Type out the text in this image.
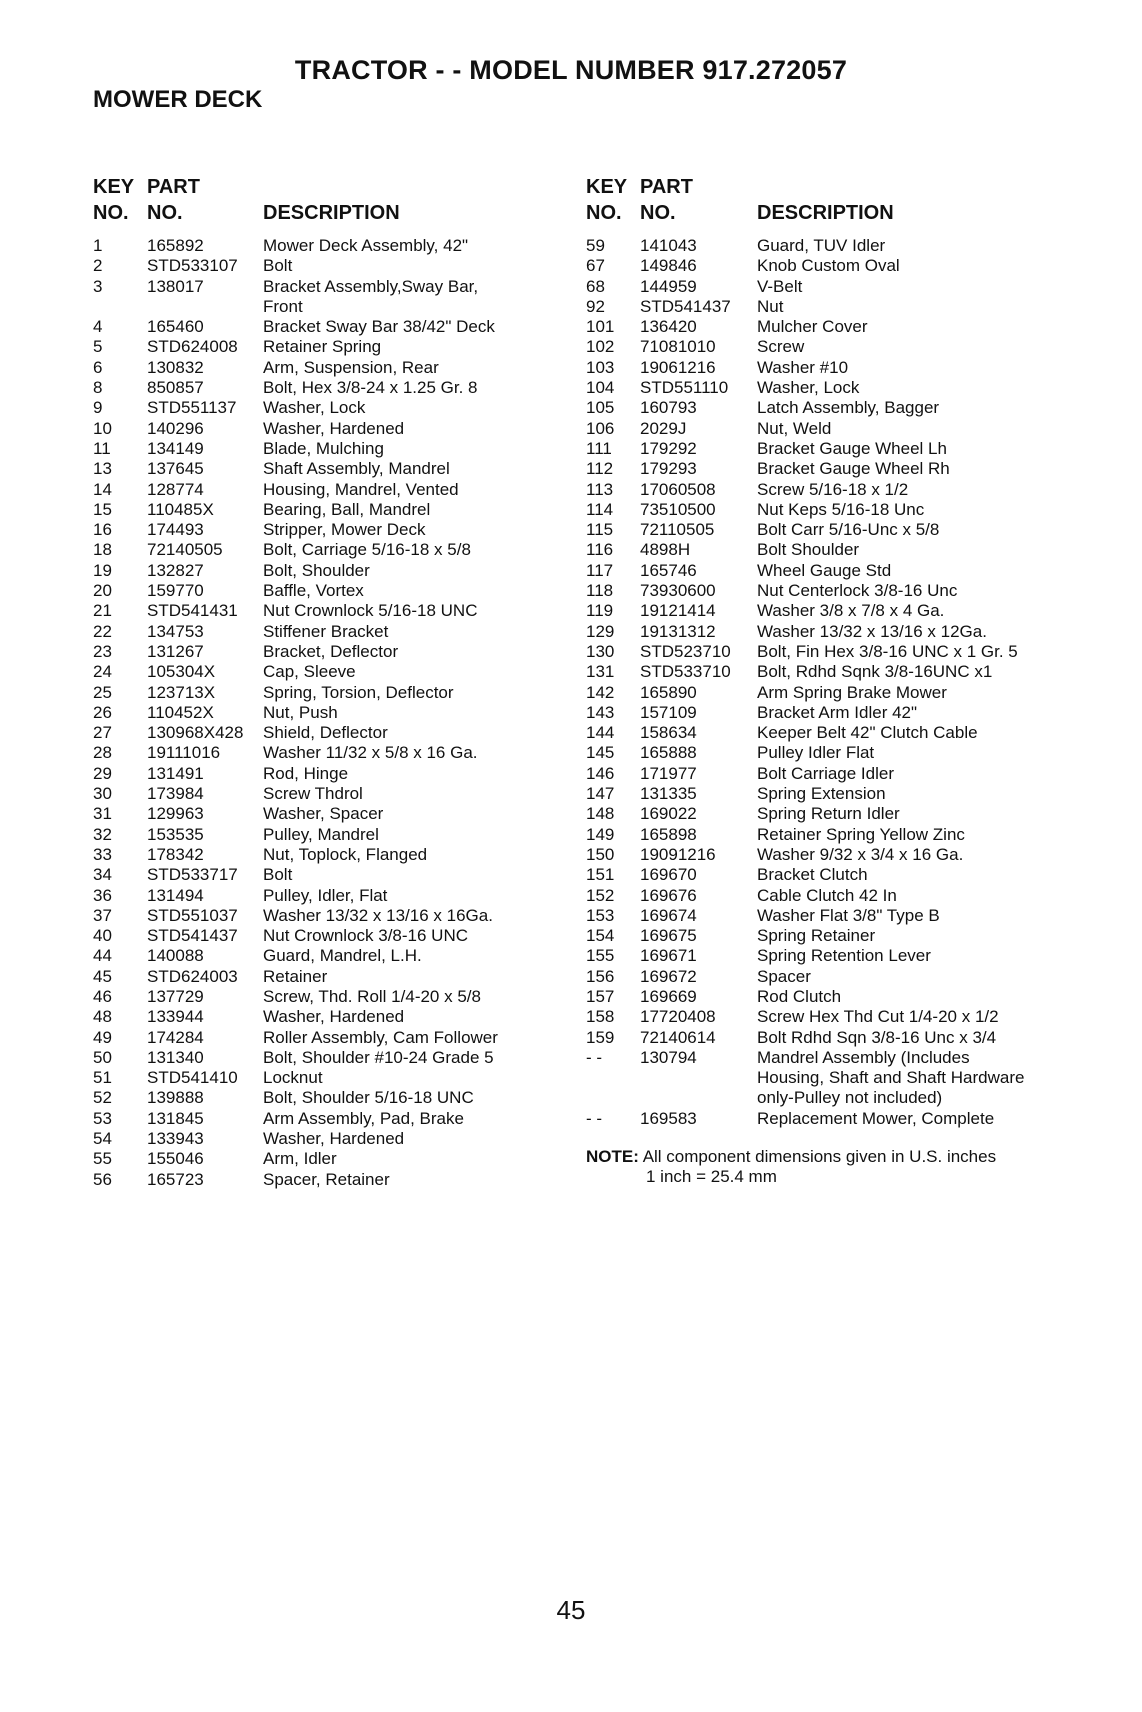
TRACTOR - - MODEL NUMBER 917.272057
MOWER DECK
KEY
NO.
PART
NO.	DESCRIPTION
1	165892	Mower Deck Assembly, 42"
2	STD533107 Bolt
3	138017	Bracket Assembly,Sway Bar,
Front
4	165460	Bracket Sway Bar 38/42" Deck
5	STD624008 Retainer Spring
6	130832	Arm, Suspension, Rear
8	850857	Bolt, Hex 3/8-24 x 1.25 Gr. 8
9	STD551137 Washer, Lock
10 140296	Washer, Hardened
11 134149	Blade, Mulching
13 137645	Shaft Assembly, Mandrel
14 128774	Housing, Mandrel, Vented
15 110485X	Bearing, Ball, Mandrel
16 174493	Stripper, Mower Deck
18 72140505 Bolt, Carriage 5/16-18 x 5/8
19 132827	Bolt, Shoulder
20 159770	Baffle, Vortex
21 STD541431 Nut Crownlock 5/16-18 UNC
22 134753	Stiffener Bracket
23 131267	Bracket, Deflector
24 105304X	Cap, Sleeve
25 123713X	Spring, Torsion, Deflector
26 110452X	Nut, Push
27 130968X428 Shield, Deflector
28 19111016	Washer 11/32 x 5/8 x 16 Ga.
29 131491	Rod, Hinge
30 173984	Screw Thdrol
31 129963	Washer, Spacer
32 153535	Pulley, Mandrel
33 178342	Nut, Toplock, Flanged
34 STD533717 Bolt
36 131494	Pulley, Idler, Flat
37 STD551037 Washer 13/32 x 13/16 x 16Ga.
40 STD541437 Nut Crownlock 3/8-16 UNC
44 140088	Guard, Mandrel, L.H.
45 STD624003 Retainer
46 137729	Screw, Thd. Roll 1/4-20 x 5/8
48 133944	Washer, Hardened
49 174284	Roller Assembly, Cam Follower
50 131340	Bolt, Shoulder #10-24 Grade 5
51 STD541410 Locknut
52 139888	Bolt, Shoulder 5/16-18 UNC
53 131845	Arm Assembly, Pad, Brake
54 133943	Washer, Hardened
55 155046	Arm, Idler
56 165723	Spacer, Retainer
KEY
NO.
PART
NO.	DESCRIPTION
59 141043	Guard, TUV Idler
67 149846	Knob Custom Oval
68 144959	V-Belt
92 STD541437 Nut
101 136420	Mulcher Cover
102 71081010 Screw
103 19061216 Washer #10
104 STD551110 Washer, Lock
105 160793	Latch Assembly, Bagger
106 2029J	Nut, Weld
111 179292	Bracket Gauge Wheel Lh
112 179293	Bracket Gauge Wheel Rh
113 17060508 Screw 5/16-18 x 1/2
114 73510500 Nut Keps 5/16-18 Unc
115 72110505	Bolt Carr 5/16-Unc x 5/8
116 4898H	Bolt Shoulder
117 165746	Wheel Gauge Std
118 73930600 Nut Centerlock 3/8-16 Unc
119 19121414 Washer 3/8 x 7/8 x 4 Ga.
129 19131312 Washer 13/32 x 13/16 x 12Ga.
130 STD523710 Bolt, Fin Hex 3/8-16 UNC x 1 Gr. 5
131 STD533710 Bolt, Rdhd Sqnk 3/8-16UNC x1
142 165890	Arm Spring Brake Mower
143 157109	Bracket Arm Idler 42"
144 158634	Keeper Belt 42" Clutch Cable
145 165888	Pulley Idler Flat
146 171977	Bolt Carriage Idler
147 131335	Spring Extension
148 169022	Spring Return Idler
149 165898	Retainer Spring Yellow Zinc
150 19091216 Washer 9/32 x 3/4 x 16 Ga.
151 169670	Bracket Clutch
152 169676	Cable Clutch 42 In
153 169674	Washer Flat 3/8" Type B
154 169675	Spring Retainer
155 169671	Spring Retention Lever
156 169672	Spacer
157 169669	Rod Clutch
158 17720408 Screw Hex Thd Cut 1/4-20 x 1/2
159 72140614 Bolt Rdhd Sqn 3/8-16 Unc x 3/4
- - 130794	Mandrel Assembly (Includes
Housing, Shaft and Shaft Hardware
only-Pulley not included)
- - 169583	Replacement Mower, Complete
NOTE: All component dimensions given in U.S. inches
1 inch = 25.4 mm
45
